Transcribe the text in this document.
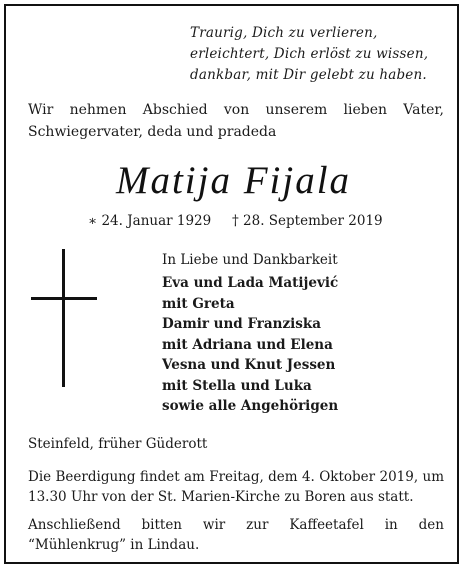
Traurig, Dich zu verlieren,
erleichtert, Dich erlöst zu wissen,
dankbar, mit Dir gelebt zu haben.
Wir nehmen Abschied von unserem lieben Vater,
Schwiegervater, deda und pradeda
Matija Fijala
∗ 24. Januar 1929 † 28. September 2019
In Liebe und Dankbarkeit
Eva und Lada Matijević
mit Greta
Damir und Franziska
mit Adriana und Elena
Vesna und Knut Jessen
mit Stella und Luka
sowie alle Angehörigen
Steinfeld, früher Güderott
Die Beerdigung findet am Freitag, dem 4. Oktober 2019, um
13.30 Uhr von der St. Marien-Kirche zu Boren aus statt.
Anschließend bitten wir zur Kaffeetafel in den
“Mühlenkrug” in Lindau.
